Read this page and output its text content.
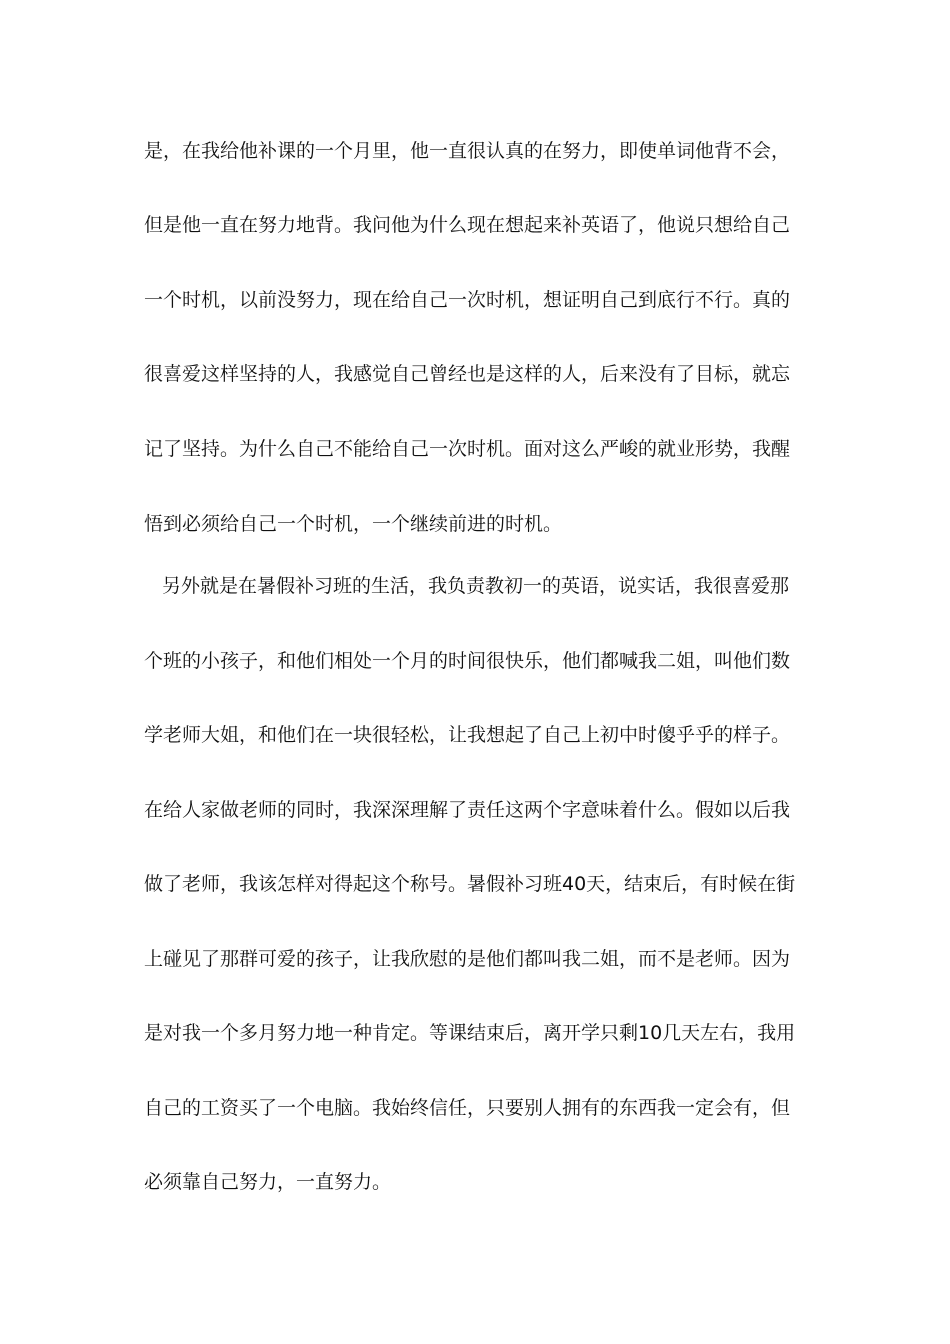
是，在我给他补课的一个月里，他一直很认真的在努力，即使单词他背不会，
但是他一直在努力地背。我问他为什么现在想起来补英语了，他说只想给自己
一个时机，以前没努力，现在给自己一次时机，想证明自己到底行不行。真的
很喜爱这样坚持的人，我感觉自己曾经也是这样的人，后来没有了目标，就忘
记了坚持。为什么自己不能给自己一次时机。面对这么严峻的就业形势，我醒
悟到必须给自己一个时机，一个继续前进的时机。
另外就是在暑假补习班的生活，我负责教初一的英语，说实话，我很喜爱那
个班的小孩子，和他们相处一个月的时间很快乐，他们都喊我二姐，叫他们数
学老师大姐，和他们在一块很轻松，让我想起了自己上初中时傻乎乎的样子。
在给人家做老师的同时，我深深理解了责任这两个字意味着什么。假如以后我
做了老师，我该怎样对得起这个称号。暑假补习班40天，结束后，有时候在街
上碰见了那群可爱的孩子，让我欣慰的是他们都叫我二姐，而不是老师。因为
是对我一个多月努力地一种肯定。等课结束后，离开学只剩10几天左右，我用
自己的工资买了一个电脑。我始终信任，只要别人拥有的东西我一定会有，但
必须靠自己努力，一直努力。
